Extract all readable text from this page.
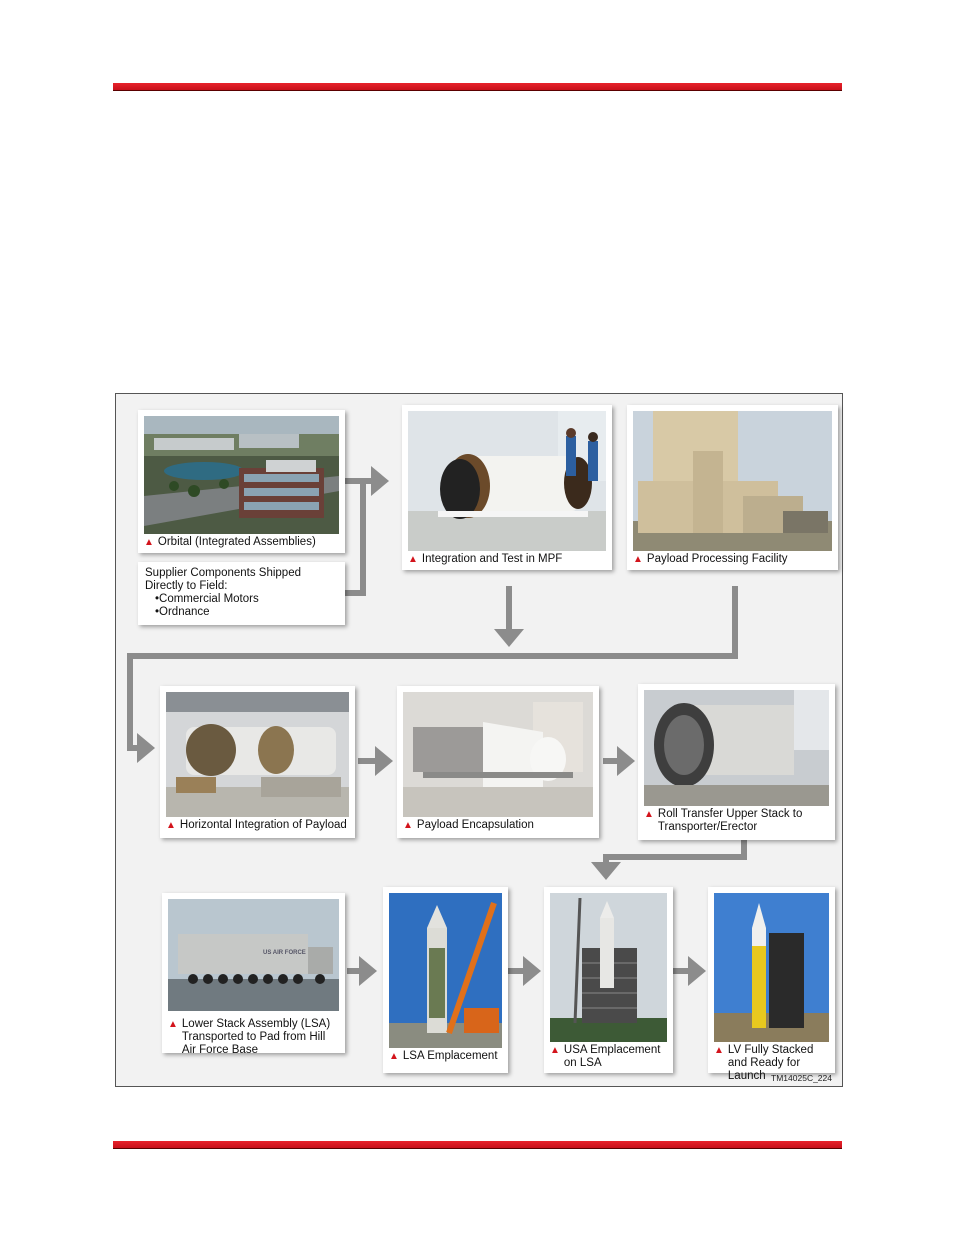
▲ Orbital (Integrated Assemblies)
Supplier Components Shipped Directly to Field:
• Commercial Motors
• Ordnance
▲ Integration and Test in MPF	▲ Payload Processing Facility
▲ Horizontal Integration of Payload	▲ Payload Encapsulation
▲ Roll Transfer Upper Stack to Transporter/Erector
US AIR FORCE
▲ Lower Stack Assembly (LSA) Transported to Pad from Hill Air Force Base
▲ LSA Emplacement	▲ USA Emplacement on LSA
▲ LV Fully Stacked and Ready for Launch TM14025C_224
